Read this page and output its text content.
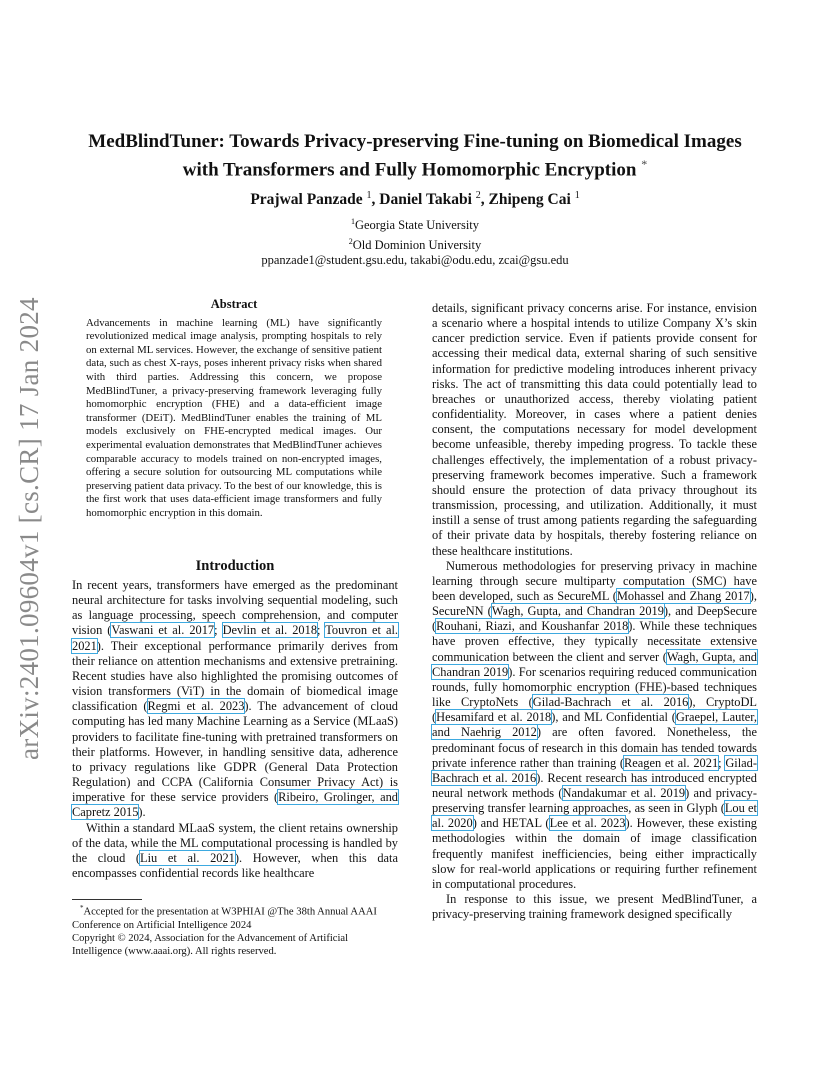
arXiv:2401.09604v1 [cs.CR] 17 Jan 2024
MedBlindTuner: Towards Privacy-preserving Fine-tuning on Biomedical Images
with Transformers and Fully Homomorphic Encryption *
Prajwal Panzade $^1$, Daniel Takabi $^2$, Zhipeng Cai $^1$
$^1$Georgia State University
$^2$Old Dominion University
ppanzade1@student.gsu.edu, takabi@odu.edu, zcai@gsu.edu
Abstract

Advancements in machine learning (ML) have significantly revolutionized medical image analysis, prompting hospitals to rely on external ML services. However, the exchange of sensitive patient data, such as chest X-rays, poses inherent privacy risks when shared with third parties. Addressing this concern, we propose MedBlindTuner, a privacy-preserving framework leveraging fully homomorphic encryption (FHE) and a data-efficient image transformer (DEiT). MedBlindTuner enables the training of ML models exclusively on FHE-encrypted medical images. Our experimental evaluation demonstrates that MedBlindTuner achieves comparable accuracy to models trained on non-encrypted images, offering a secure solution for outsourcing ML computations while preserving patient data privacy. To the best of our knowledge, this is the first work that uses data-efficient image transformers and fully homomorphic encryption in this domain.

Introduction

In recent years, transformers have emerged as the predominant neural architecture for tasks involving sequential modeling, such as language processing, speech comprehension, and computer vision (Vaswani et al. 2017; Devlin et al. 2018; Touvron et al. 2021). Their exceptional performance primarily derives from their reliance on attention mechanisms and extensive pretraining. Recent studies have also highlighted the promising outcomes of vision transformers (ViT) in the domain of biomedical image classification (Regmi et al. 2023). The advancement of cloud computing has led many Machine Learning as a Service (MLaaS) providers to facilitate fine-tuning with pretrained transformers on their platforms. However, in handling sensitive data, adherence to privacy regulations like GDPR (General Data Protection Regulation) and CCPA (California Consumer Privacy Act) is imperative for these service providers (Ribeiro, Grolinger, and Capretz 2015).

Within a standard MLaaS system, the client retains ownership of the data, while the ML computational processing is handled by the cloud (Liu et al. 2021). However, when this data encompasses confidential records like healthcare

*Accepted for the presentation at W3PHIAI @The 38th Annual AAAI Conference on Artificial Intelligence 2024

Copyright © 2024, Association for the Advancement of Artificial Intelligence (www.aaai.org). All rights reserved.

details, significant privacy concerns arise. For instance, envision a scenario where a hospital intends to utilize Company X’s skin cancer prediction service. Even if patients provide consent for accessing their medical data, external sharing of such sensitive information for predictive modeling introduces inherent privacy risks. The act of transmitting this data could potentially lead to breaches or unauthorized access, thereby violating patient confidentiality. Moreover, in cases where a patient denies consent, the computations necessary for model development become unfeasible, thereby impeding progress. To tackle these challenges effectively, the implementation of a robust privacy-preserving framework becomes imperative. Such a framework should ensure the protection of data privacy throughout its transmission, processing, and utilization. Additionally, it must instill a sense of trust among patients regarding the safeguarding of their private data by hospitals, thereby fostering reliance on these healthcare institutions.

Numerous methodologies for preserving privacy in machine learning through secure multiparty computation (SMC) have been developed, such as SecureML (Mohassel and Zhang 2017), SecureNN (Wagh, Gupta, and Chandran 2019), and DeepSecure (Rouhani, Riazi, and Koushanfar 2018). While these techniques have proven effective, they typically necessitate extensive communication between the client and server (Wagh, Gupta, and Chandran 2019). For scenarios requiring reduced communication rounds, fully homomorphic encryption (FHE)-based techniques like CryptoNets (Gilad-Bachrach et al. 2016), CryptoDL (Hesamifard et al. 2018), and ML Confidential (Graepel, Lauter, and Naehrig 2012) are often favored. Nonetheless, the predominant focus of research in this domain has tended towards private inference rather than training (Reagen et al. 2021; Gilad-Bachrach et al. 2016). Recent research has introduced encrypted neural network methods (Nandakumar et al. 2019) and privacy-preserving transfer learning approaches, as seen in Glyph (Lou et al. 2020) and HETAL (Lee et al. 2023). However, these existing methodologies within the domain of image classification frequently manifest inefficiencies, being either impractically slow for real-world applications or requiring further refinement in computational procedures.

In response to this issue, we present MedBlindTuner, a privacy-preserving training framework designed specifically
